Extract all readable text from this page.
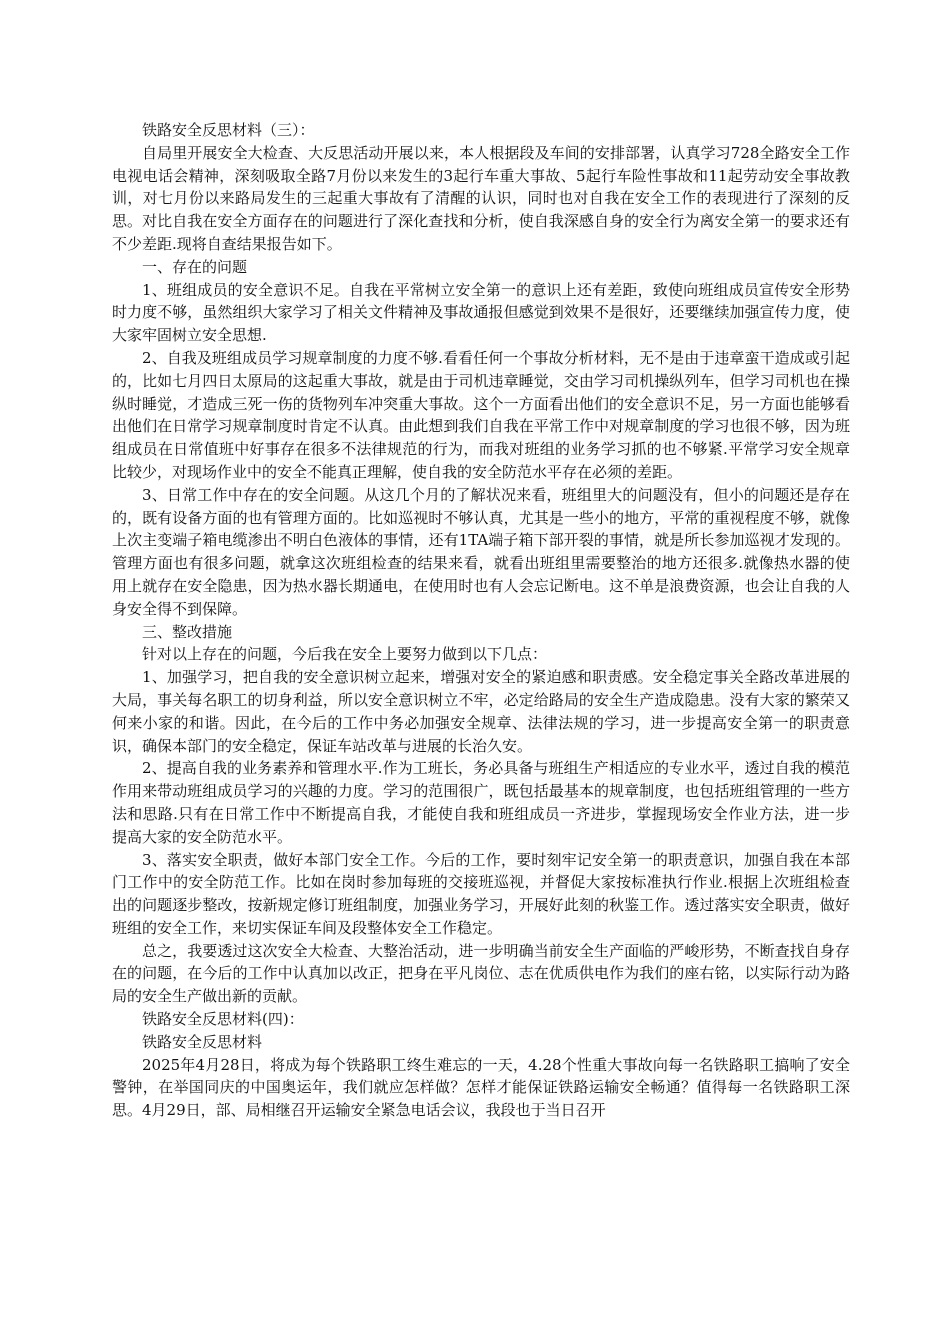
铁路安全反思材料（三）：

自局里开展安全大检查、大反思活动开展以来，本人根据段及车间的安排部署，认真学习728全路安全工作电视电话会精神，深刻吸取全路7月份以来发生的3起行车重大事故、5起行车险性事故和11起劳动安全事故教训，对七月份以来路局发生的三起重大事故有了清醒的认识，同时也对自我在安全工作的表现进行了深刻的反思。对比自我在安全方面存在的问题进行了深化查找和分析，使自我深感自身的安全行为离安全第一的要求还有不少差距.现将自查结果报告如下。

一、存在的问题

1、班组成员的安全意识不足。自我在平常树立安全第一的意识上还有差距，致使向班组成员宣传安全形势时力度不够，虽然组织大家学习了相关文件精神及事故通报但感觉到效果不是很好，还要继续加强宣传力度，使大家牢固树立安全思想.

2、自我及班组成员学习规章制度的力度不够.看看任何一个事故分析材料，无不是由于违章蛮干造成或引起的，比如七月四日太原局的这起重大事故，就是由于司机违章睡觉，交由学习司机操纵列车，但学习司机也在操纵时睡觉，才造成三死一伤的货物列车冲突重大事故。这个一方面看出他们的安全意识不足，另一方面也能够看出他们在日常学习规章制度时肯定不认真。由此想到我们自我在平常工作中对规章制度的学习也很不够，因为班组成员在日常值班中好事存在很多不法律规范的行为，而我对班组的业务学习抓的也不够紧.平常学习安全规章比较少，对现场作业中的安全不能真正理解，使自我的安全防范水平存在必须的差距。

3、日常工作中存在的安全问题。从这几个月的了解状况来看，班组里大的问题没有，但小的问题还是存在的，既有设备方面的也有管理方面的。比如巡视时不够认真，尤其是一些小的地方，平常的重视程度不够，就像上次主变端子箱电缆渗出不明白色液体的事情，还有1TA端子箱下部开裂的事情，就是所长参加巡视才发现的。管理方面也有很多问题，就拿这次班组检查的结果来看，就看出班组里需要整治的地方还很多.就像热水器的使用上就存在安全隐患，因为热水器长期通电，在使用时也有人会忘记断电。这不单是浪费资源，也会让自我的人身安全得不到保障。

三、整改措施

针对以上存在的问题，今后我在安全上要努力做到以下几点：

1、加强学习，把自我的安全意识树立起来，增强对安全的紧迫感和职责感。安全稳定事关全路改革进展的大局，事关每名职工的切身利益，所以安全意识树立不牢，必定给路局的安全生产造成隐患。没有大家的繁荣又何来小家的和谐。因此，在今后的工作中务必加强安全规章、法律法规的学习，进一步提高安全第一的职责意识，确保本部门的安全稳定，保证车站改革与进展的长治久安。

2、提高自我的业务素养和管理水平.作为工班长，务必具备与班组生产相适应的专业水平，透过自我的模范作用来带动班组成员学习的兴趣的力度。学习的范围很广，既包括最基本的规章制度，也包括班组管理的一些方法和思路.只有在日常工作中不断提高自我，才能使自我和班组成员一齐进步，掌握现场安全作业方法，进一步提高大家的安全防范水平。

3、落实安全职责，做好本部门安全工作。今后的工作，要时刻牢记安全第一的职责意识，加强自我在本部门工作中的安全防范工作。比如在岗时参加每班的交接班巡视，并督促大家按标准执行作业.根据上次班组检查出的问题逐步整改，按新规定修订班组制度，加强业务学习，开展好此刻的秋鉴工作。透过落实安全职责，做好班组的安全工作，来切实保证车间及段整体安全工作稳定。

总之，我要透过这次安全大检查、大整治活动，进一步明确当前安全生产面临的严峻形势，不断查找自身存在的问题，在今后的工作中认真加以改正，把身在平凡岗位、志在优质供电作为我们的座右铭，以实际行动为路局的安全生产做出新的贡献。

铁路安全反思材料(四)：

铁路安全反思材料

2025年4月28日，将成为每个铁路职工终生难忘的一天，4.28个性重大事故向每一名铁路职工搞响了安全警钟，在举国同庆的中国奥运年，我们就应怎样做？怎样才能保证铁路运输安全畅通？值得每一名铁路职工深思。4月29日，部、局相继召开运输安全紧急电话会议，我段也于当日召开
